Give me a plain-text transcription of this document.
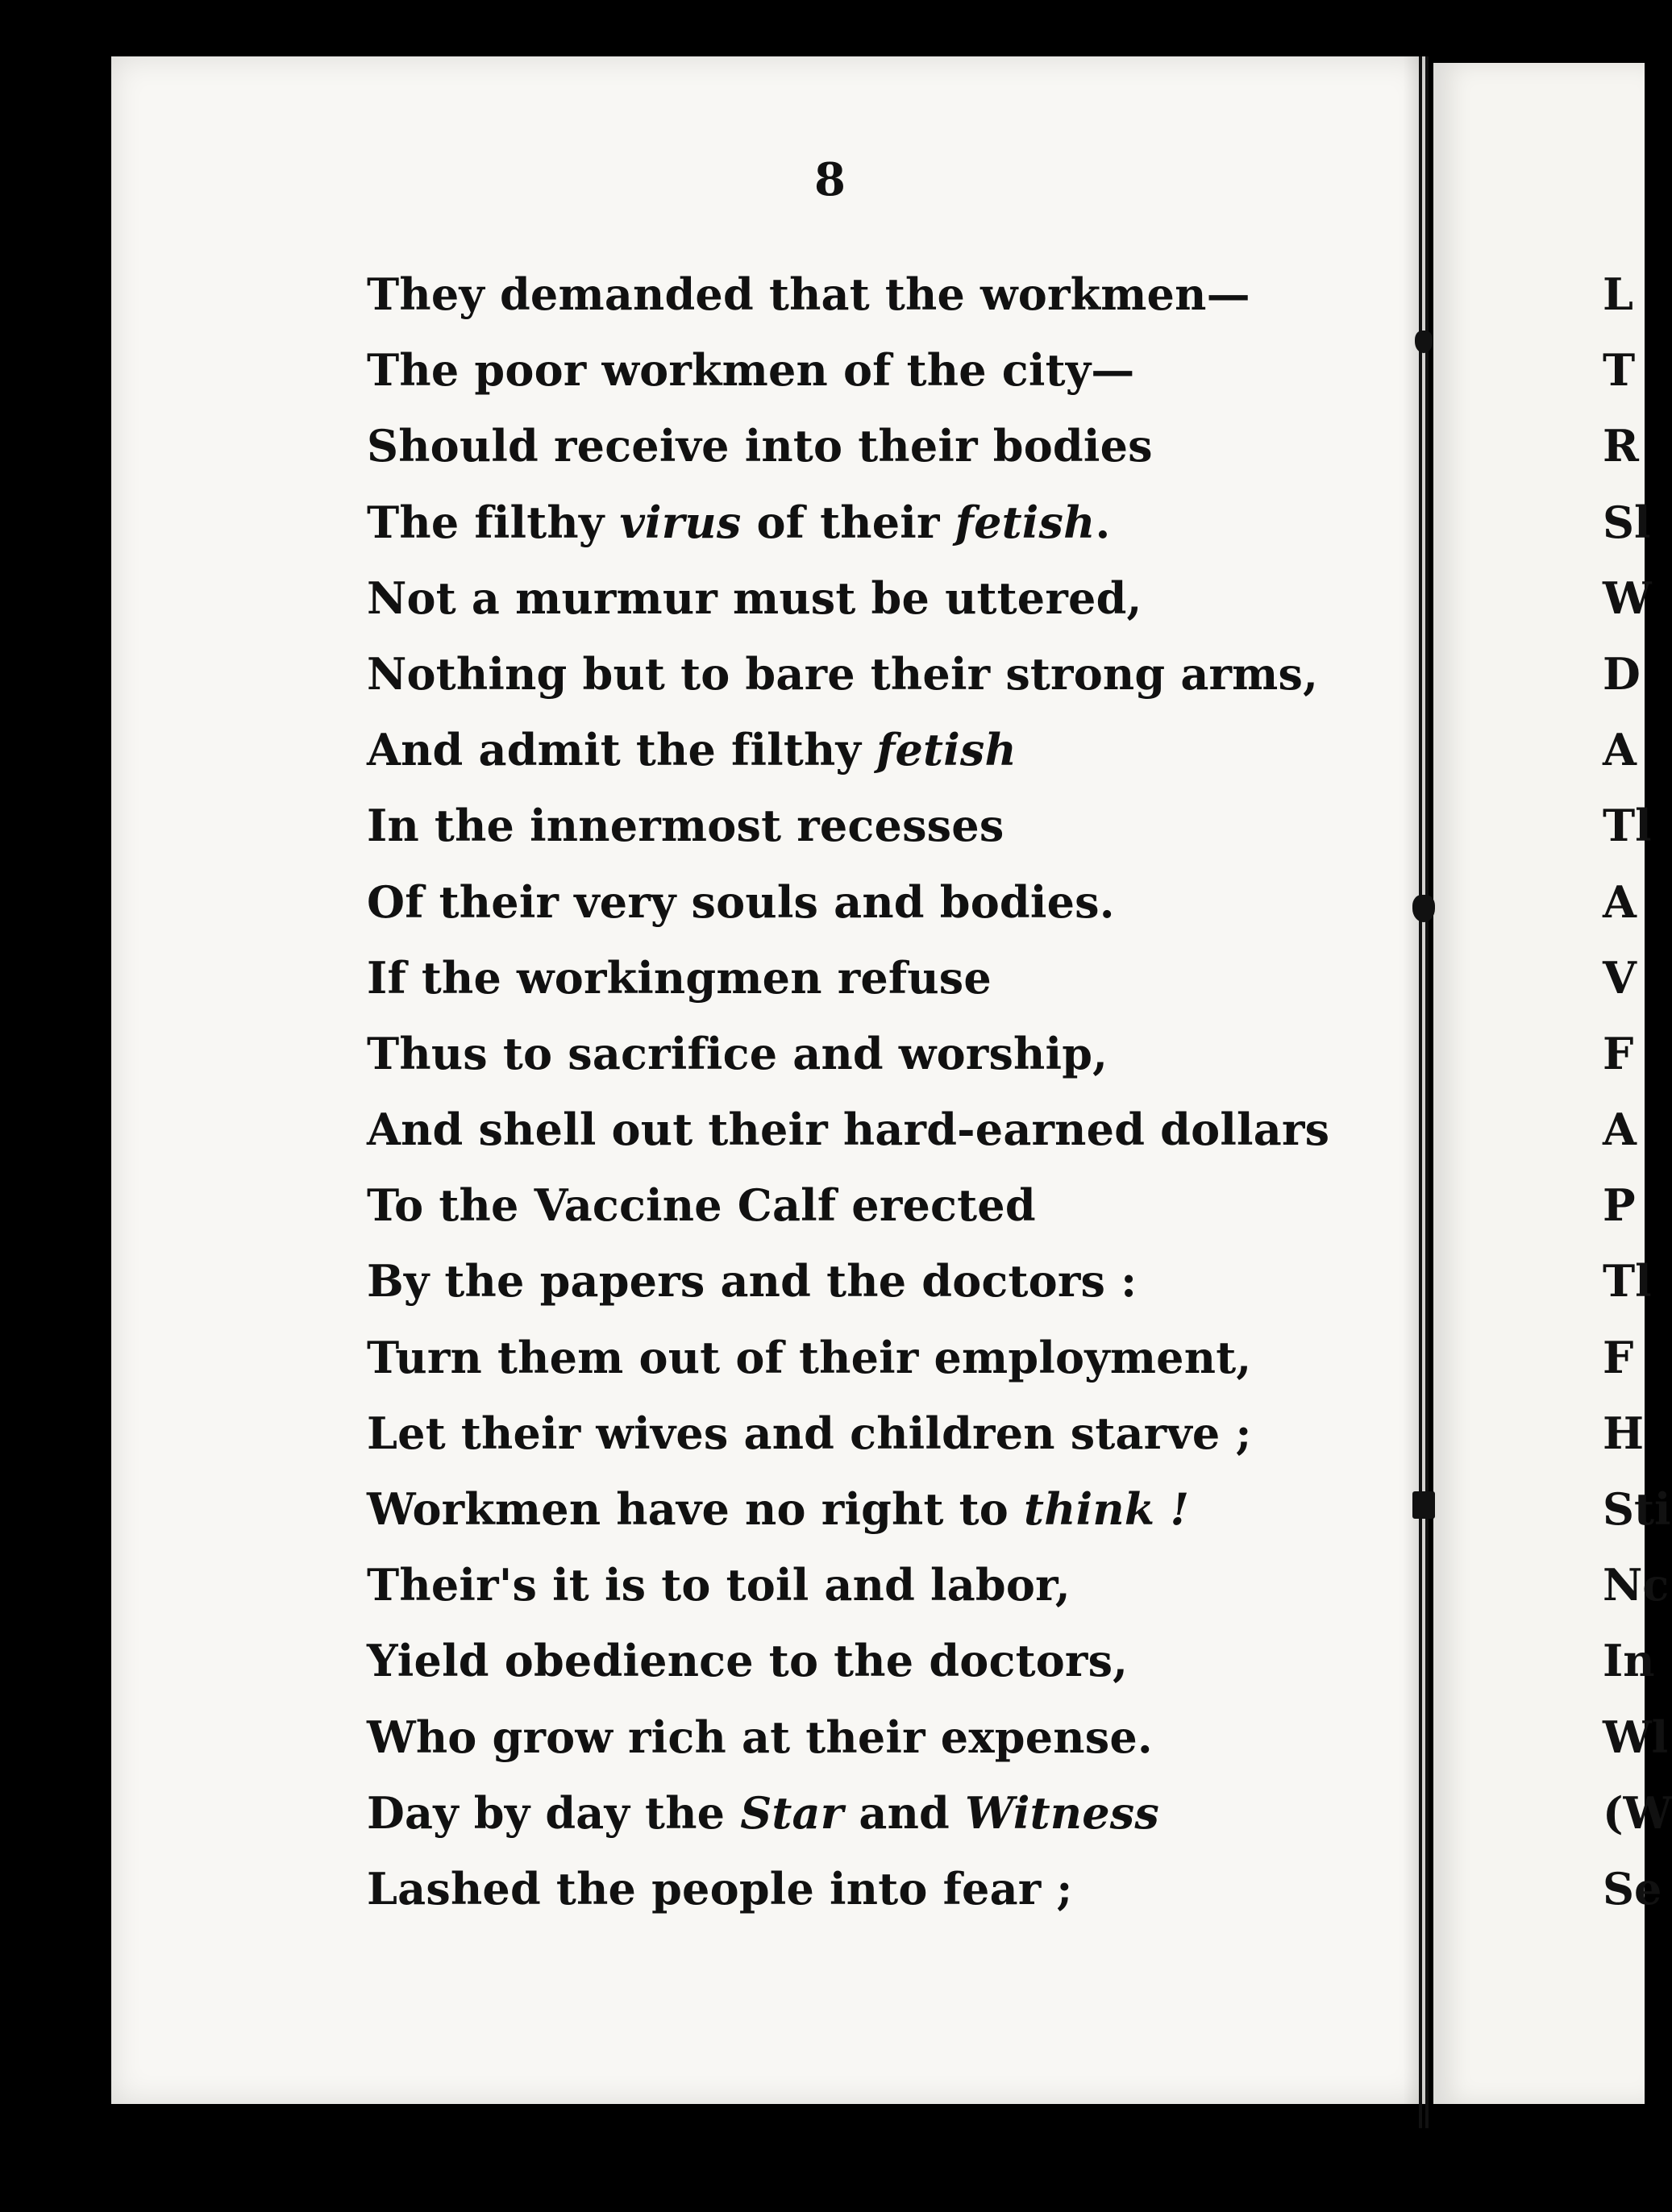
8

They demanded that the workmen—
The poor workmen of the city—
Should receive into their bodies
The filthy virus of their fetish.
Not a murmur must be uttered,
Nothing but to bare their strong arms,
And admit the filthy fetish
In the innermost recesses
Of their very souls and bodies.
If the workingmen refuse
Thus to sacrifice and worship,
And shell out their hard-earned dollars
To the Vaccine Calf erected
By the papers and the doctors :
Turn them out of their employment,
Let their wives and children starve ;
Workmen have no right to think !
Their's it is to toil and labor,
Yield obedience to the doctors,
Who grow rich at their expense.
Day by day the Star and Witness
Lashed the people into fear ;
L
T
R
Sl
W
D
A
Tl
A
V
F
A
P
Tl
F
H
Sti
Nc
In
Wl
(W
Se
